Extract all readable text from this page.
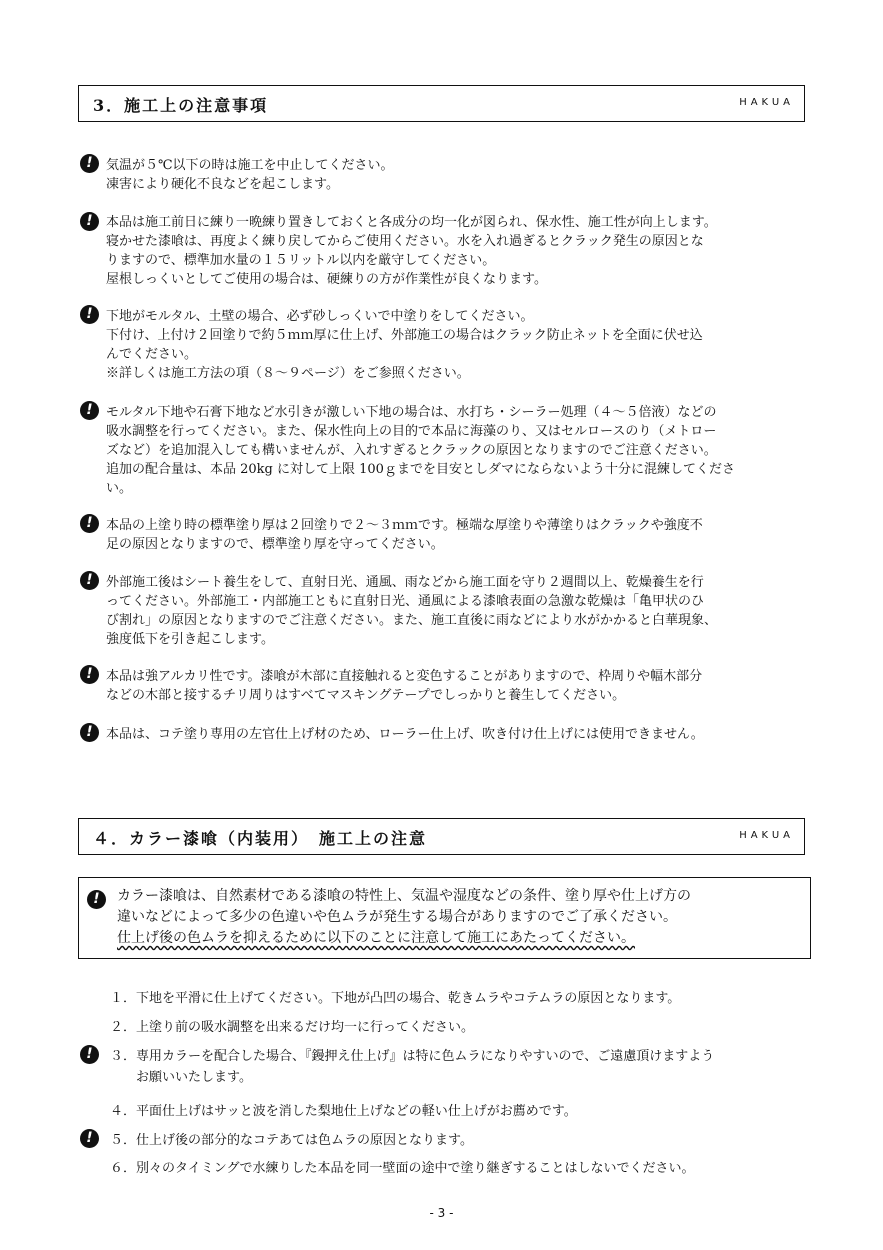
3．施工上の注意事項	HAKUA
!	気温が５℃以下の時は施工を中止してください。

凍害により硬化不良などを起こします。

!	本品は施工前日に練り一晩練り置きしておくと各成分の均一化が図られ、保水性、施工性が向上します。

寝かせた漆喰は、再度よく練り戻してからご使用ください。水を入れ過ぎるとクラック発生の原因とな

りますので、標準加水量の１５リットル以内を厳守してください。

屋根しっくいとしてご使用の場合は、硬練りの方が作業性が良くなります。

!	下地がモルタル、土壁の場合、必ず砂しっくいで中塗りをしてください。

下付け、上付け２回塗りで約５ｍｍ厚に仕上げ、外部施工の場合はクラック防止ネットを全面に伏せ込

んでください。

※詳しくは施工方法の項（８～９ページ）をご参照ください。

!	モルタル下地や石膏下地など水引きが激しい下地の場合は、水打ち・シーラー処理（４～５倍液）などの

吸水調整を行ってください。また、保水性向上の目的で本品に海藻のり、又はセルロースのり（メトロー

ズなど）を追加混入しても構いませんが、入れすぎるとクラックの原因となりますのでご注意ください。

追加の配合量は、本品 20kg に対して上限 100ｇまでを目安としダマにならないよう十分に混練してくださ

い。

!	本品の上塗り時の標準塗り厚は２回塗りで２～３ｍｍです。極端な厚塗りや薄塗りはクラックや強度不

足の原因となりますので、標準塗り厚を守ってください。

!	外部施工後はシート養生をして、直射日光、通風、雨などから施工面を守り２週間以上、乾燥養生を行

ってください。外部施工・内部施工ともに直射日光、通風による漆喰表面の急激な乾燥は「亀甲状のひ

び割れ」の原因となりますのでご注意ください。また、施工直後に雨などにより水がかかると白華現象、

強度低下を引き起こします。

!	本品は強アルカリ性です。漆喰が木部に直接触れると変色することがありますので、枠周りや幅木部分

などの木部と接するチリ周りはすべてマスキングテープでしっかりと養生してください。

!	本品は、コテ塗り専用の左官仕上げ材のため、ローラー仕上げ、吹き付け仕上げには使用できません。

４．カラー漆喰（内装用）　施工上の注意	HAKUA
!	カラー漆喰は、自然素材である漆喰の特性上、気温や湿度などの条件、塗り厚や仕上げ方の

違いなどによって多少の色違いや色ムラが発生する場合がありますのでご了承ください。

仕上げ後の色ムラを抑えるために以下のことに注意して施工にあたってください。

１．下地を平滑に仕上げてください。下地が凸凹の場合、乾きムラやコテムラの原因となります。

２．上塗り前の吸水調整を出来るだけ均一に行ってください。

!	３．専用カラーを配合した場合、『鏝押え仕上げ』は特に色ムラになりやすいので、ご遠慮頂けますよう

　　お願いいたします。

４．平面仕上げはサッと波を消した梨地仕上げなどの軽い仕上げがお薦めです。

!	５．仕上げ後の部分的なコテあては色ムラの原因となります。

６．別々のタイミングで水練りした本品を同一壁面の途中で塗り継ぎすることはしないでください。

- 3 -
